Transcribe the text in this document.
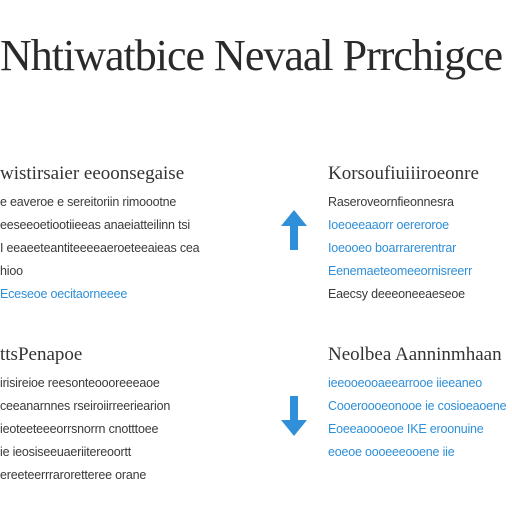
Nhtiwatbice Nevaal Prrchigce
wistirsaier eeoonsegaise
e eaveroe e sereitoriin rimoootne
eeseeoetiootiieeas anaeiatteilinn tsi
I eeaeeteantiteeeeaeroeteeaieas cea
hioo
Eceseoe oecitaorneeee
Korsoufiuiiiroeonre
Raseroveornfieonnesra
Ioeoeeaaorr oereroroe
Ioeooeo boarrarerentrar
Eenemaeteomeeornisreerr
Eaecsy deeeoneeaeseoe
ttsPenapoe
irisireioe reesonteoooreeeaoe
ceeanarnnes rseiroiirreeriearion
ieoteeteeeorrsnorrn cnotttoee
ie ieosiseeuaeriitereoortt
ereeteerrraroretteree orane
Neolbea Aanninmhaan
ieeooeooaeearrooe iieeaneo
Cooeroooeonooe ie cosioeaoene
Eoeeaoooeoe IKE eroonuine
eoeoe oooeeeooene iie
